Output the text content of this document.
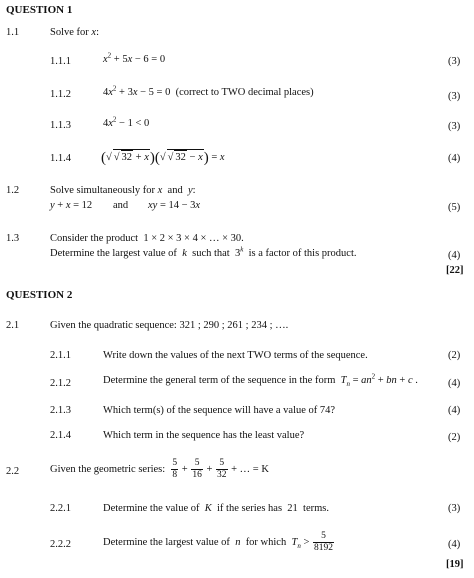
QUESTION 1
1.1	Solve for x:
1.1.1	$x^2 + 5x - 6 = 0$	(3)
1.1.2	$4x^2 + 3x - 5 = 0$  (correct to TWO decimal places)	(3)
1.1.3	$4x^2 - 1 < 0$	(3)
1.1.4 (√ √ 32 + x)(√ √ 32 − x) = x	(4)
1.2	Solve simultaneously for x  and  y:
y + x = 12 and xy = 14 − 3x	(5)
1.3	Consider the product  1 × 2 × 3 × 4 × … × 30.
Determine the largest value of  k  such that  3$^k$  is a factor of this product.	(4)
[22]
QUESTION 2
2.1	Given the quadratic sequence: 321 ; 290 ; 261 ; 234 ; ….
2.1.1	Write down the values of the next TWO terms of the sequence.	(2)
2.1.2	Determine the general term of the sequence in the form  $T_n = an^2$ + bn + c .	(4)
2.1.3	Which term(s) of the sequence will have a value of 74?	(4)
2.1.4	Which term in the sequence has the least value?	(2)
2.2	Given the geometric series: $\frac{5}{8} + \frac{5}{16} + \frac{5}{32}$ + … = K
2.2.1	Determine the value of  K  if the series has  21  terms.	(3)
2.2.2	Determine the largest value of  n  for which  $T_n > \frac{5}{8192}$	(4)
[19]
